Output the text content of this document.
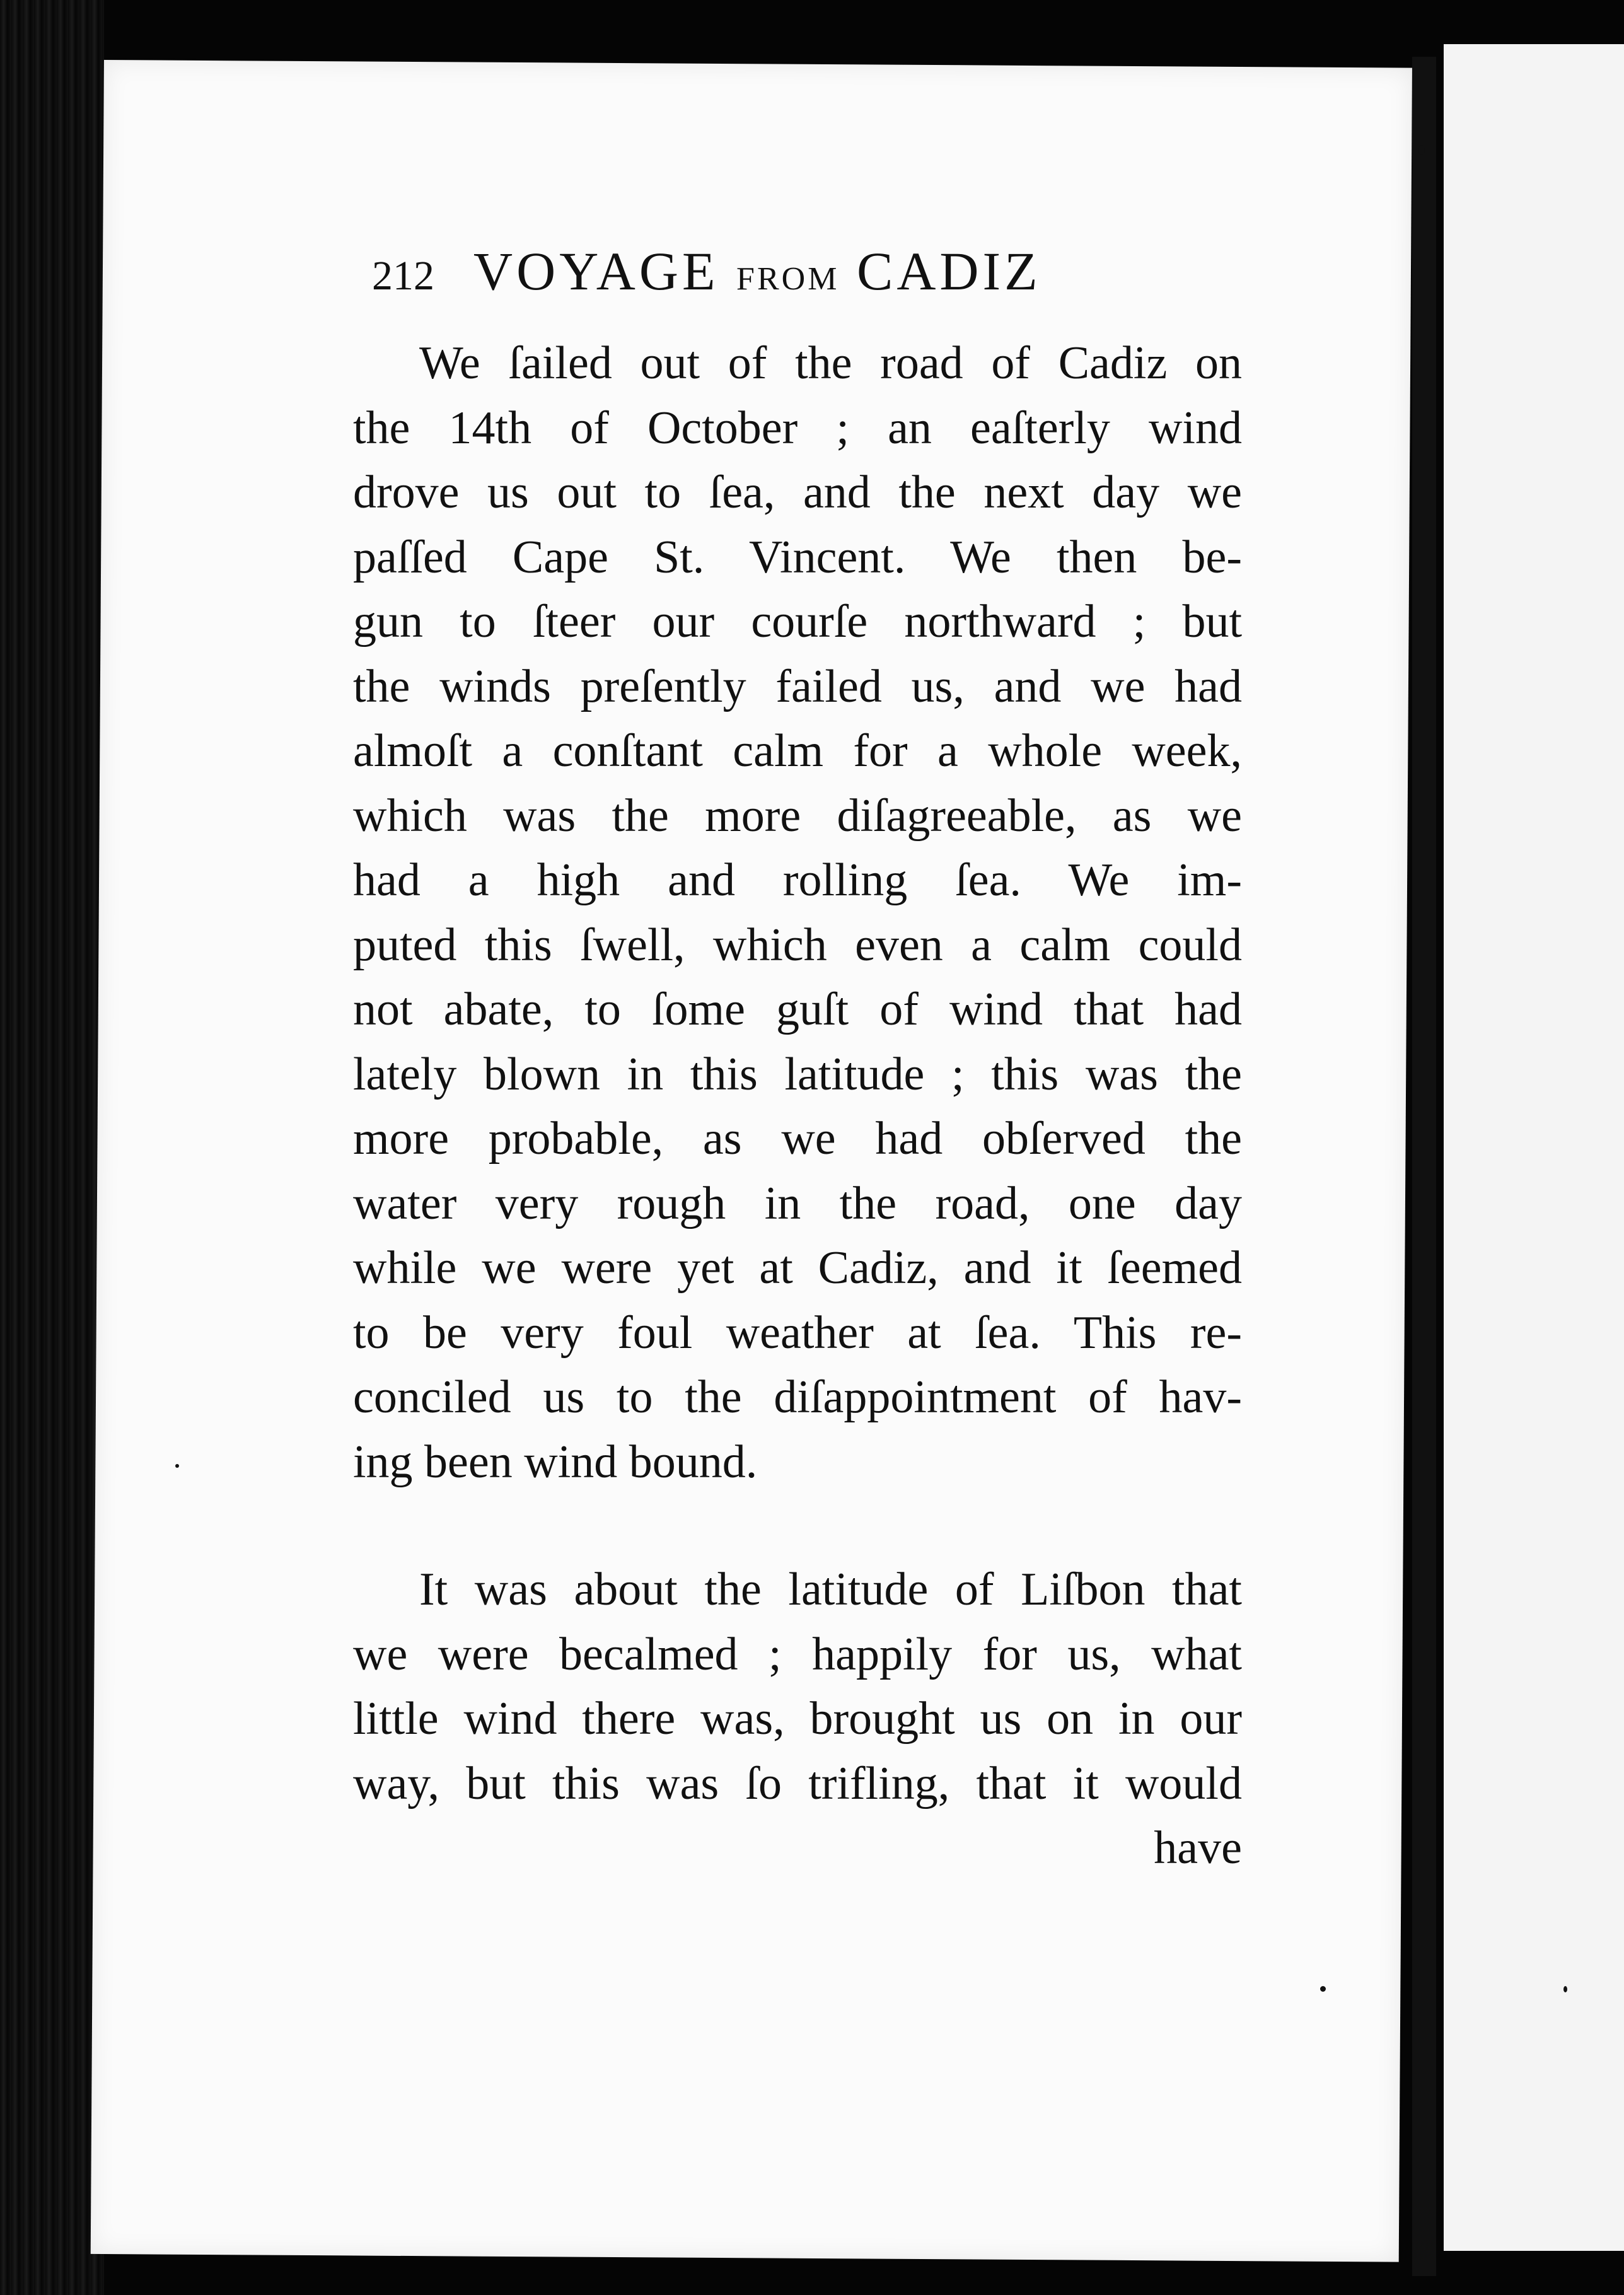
212 VOYAGE FROM CADIZ
We ſailed out of the road of Cadiz on
the 14th of October ; an eaſterly wind
drove us out to ſea, and the next day we
paſſed Cape St. Vincent. We then be-
gun to ſteer our courſe northward ; but
the winds preſently failed us, and we had
almoſt a conſtant calm for a whole week,
which was the more diſagreeable, as we
had a high and rolling ſea. We im-
puted this ſwell, which even a calm could
not abate, to ſome guſt of wind that had
lately blown in this latitude ; this was the
more probable, as we had obſerved the
water very rough in the road, one day
while we were yet at Cadiz, and it ſeemed
to be very foul weather at ſea. This re-
conciled us to the diſappointment of hav-
ing been wind bound.
It was about the latitude of Liſbon that
we were becalmed ; happily for us, what
little wind there was, brought us on in our
way, but this was ſo trifling, that it would
have
